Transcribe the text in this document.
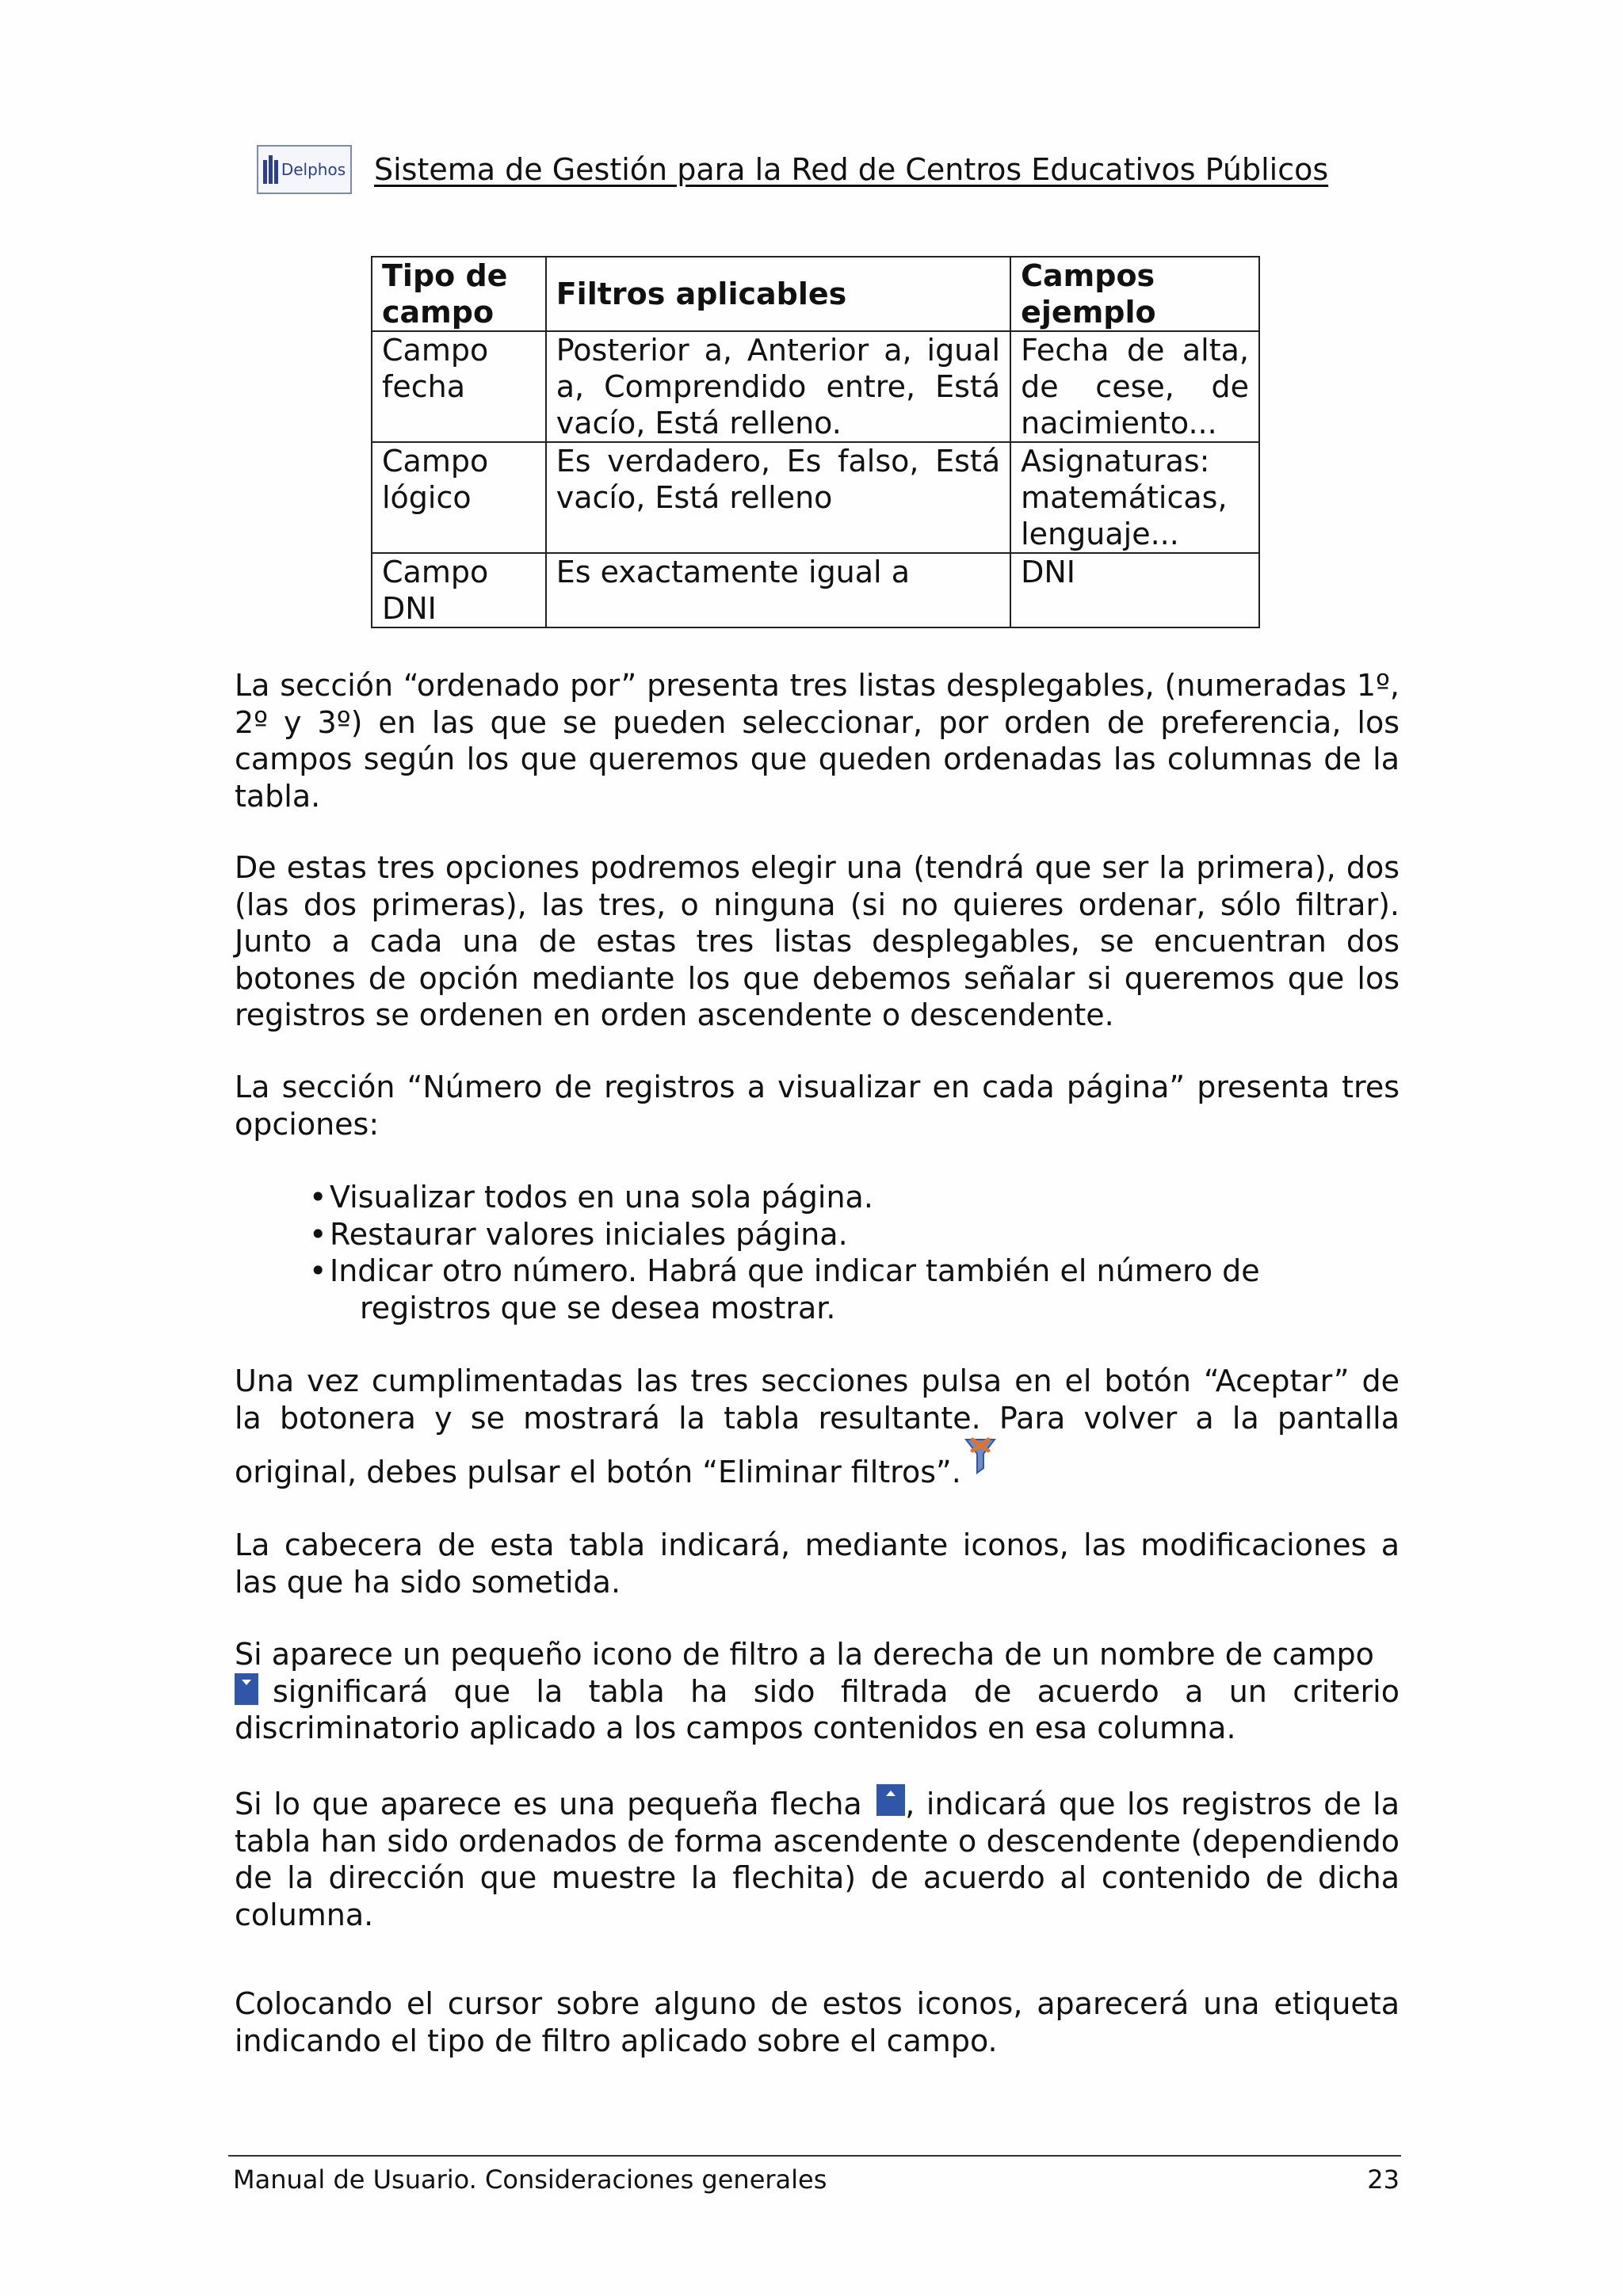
Delphos Sistema de Gestión para la Red de Centros Educativos Públicos
Tipo de campo	Filtros aplicables	Campos ejemplo
Campo fecha	Posterior a, Anterior a, igual a, Comprendido entre, Está vacío, Está relleno.	Fecha de alta, de cese, de nacimiento...
Campo lógico	Es verdadero, Es falso, Está vacío, Está relleno	Asignaturas: matemáticas, lenguaje...
Campo DNI	Es exactamente igual a	DNI

La sección “ordenado por” presenta tres listas desplegables, (numeradas 1º, 2º y 3º) en las que se pueden seleccionar, por orden de preferencia, los campos según los que queremos que queden ordenadas las columnas de la tabla.

De estas tres opciones podremos elegir una (tendrá que ser la primera), dos (las dos primeras), las tres, o ninguna (si no quieres ordenar, sólo filtrar). Junto a cada una de estas tres listas desplegables, se encuentran dos botones de opción mediante los que debemos señalar si queremos que los registros se ordenen en orden ascendente o descendente.

La sección “Número de registros a visualizar en cada página” presenta tres opciones:

• Visualizar todos en una sola página.
• Restaurar valores iniciales página.
• Indicar otro número. Habrá que indicar también el número de
registros que se desea mostrar.

Una vez cumplimentadas las tres secciones pulsa en el botón “Aceptar” de la botonera y se mostrará la tabla resultante. Para volver a la pantalla original, debes pulsar el botón “Eliminar filtros”.

La cabecera de esta tabla indicará, mediante iconos, las modificaciones a las que ha sido sometida.

Si aparece un pequeño icono de filtro a la derecha de un nombre de campo
significará que la tabla ha sido filtrada de acuerdo a un criterio discriminatorio aplicado a los campos contenidos en esa columna.

Si lo que aparece es una pequeña flecha , indicará que los registros de la tabla han sido ordenados de forma ascendente o descendente (dependiendo de la dirección que muestre la flechita) de acuerdo al contenido de dicha columna.

Colocando el cursor sobre alguno de estos iconos, aparecerá una etiqueta indicando el tipo de filtro aplicado sobre el campo.

Manual de Usuario. Consideraciones generales	23
